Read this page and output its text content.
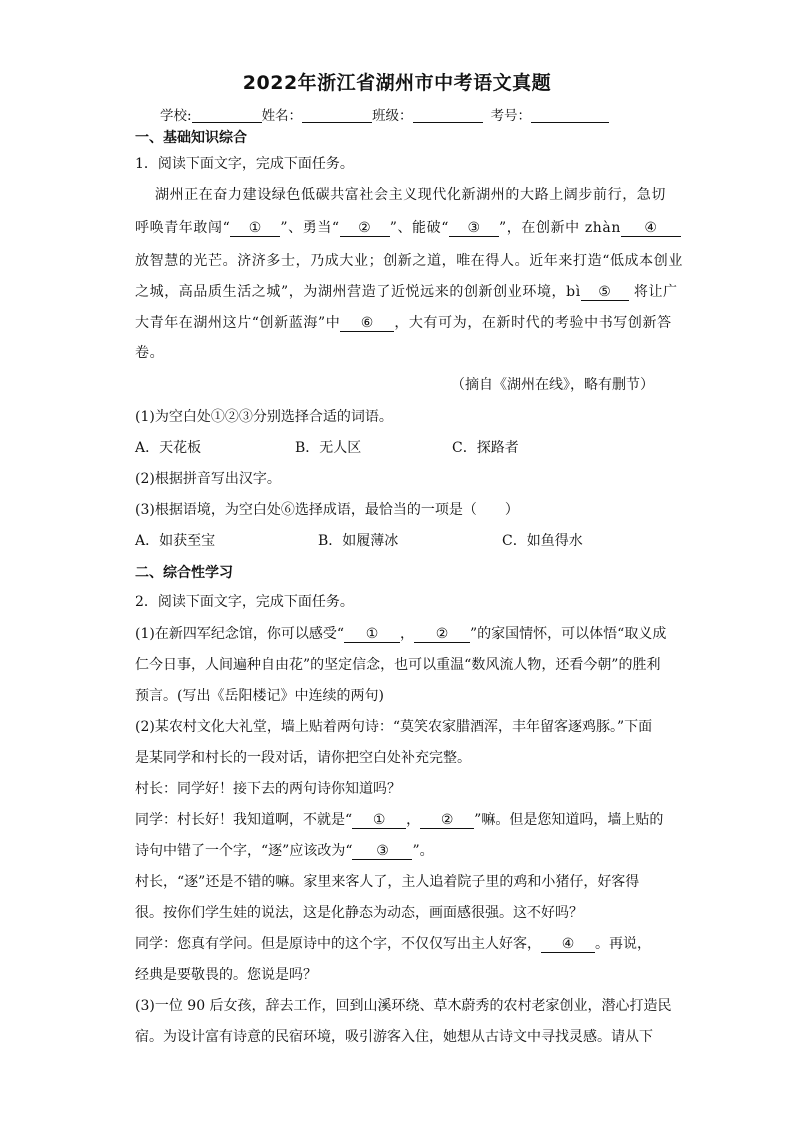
2022年浙江省湖州市中考语文真题
学校:	姓名：	班级：	考号：
一、基础知识综合
1．阅读下面文字，完成下面任务。
湖州正在奋力建设绿色低碳共富社会主义现代化新湖州的大路上阔步前行，急切
呼唤青年敢闯“ ① ”、勇当“ ② ”、能破“ ③ ”，在创新中 zhàn ④
放智慧的光芒。济济多士，乃成大业；创新之道，唯在得人。近年来打造“低成本创业
之城，高品质生活之城”，为湖州营造了近悦远来的创新创业环境，bì ⑤ 将让广
大青年在湖州这片“创新蓝海”中 ⑥ ，大有可为，在新时代的考验中书写创新答
卷。
（摘自《湖州在线》，略有删节）
(1)为空白处①②③分别选择合适的词语。
A．天花板	B．无人区	C．探路者
(2)根据拼音写出汉字。
(3)根据语境，为空白处⑥选择成语，最恰当的一项是（　　）
A．如获至宝	B．如履薄冰	C．如鱼得水
二、综合性学习
2．阅读下面文字，完成下面任务。
(1)在新四军纪念馆，你可以感受“ ① ， ② ”的家国情怀，可以体悟“取义成
仁今日事，人间遍种自由花”的坚定信念，也可以重温“数风流人物，还看今朝”的胜利
预言。(写出《岳阳楼记》中连续的两句)
(2)某农村文化大礼堂，墙上贴着两句诗：“莫笑农家腊酒浑，丰年留客逐鸡豚。”下面
是某同学和村长的一段对话，请你把空白处补充完整。
村长：同学好！接下去的两句诗你知道吗？
同学：村长好！我知道啊，不就是“ ① ， ② ”嘛。但是您知道吗，墙上贴的
诗句中错了一个字，“逐”应该改为“ ③ ”。
村长，“逐”还是不错的嘛。家里来客人了，主人追着院子里的鸡和小猪仔，好客得
很。按你们学生娃的说法，这是化静态为动态，画面感很强。这不好吗？
同学：您真有学问。但是原诗中的这个字，不仅仅写出主人好客， ④ 。再说，
经典是要敬畏的。您说是吗？
(3)一位 90 后女孩，辞去工作，回到山溪环绕、草木蔚秀的农村老家创业，潜心打造民
宿。为设计富有诗意的民宿环境，吸引游客入住，她想从古诗文中寻找灵感。请从下
